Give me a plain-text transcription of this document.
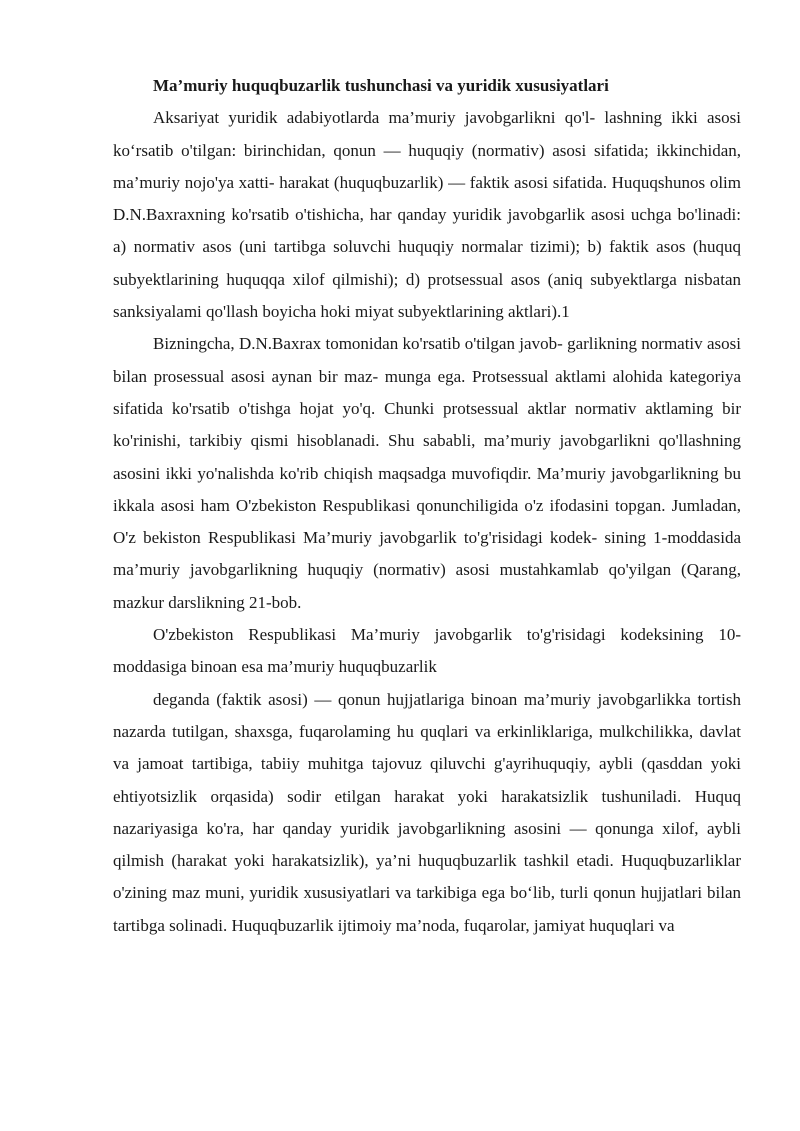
Ma’muriy huquqbuzarlik tushunchasi va yuridik xususiyatlari

Aksariyat yuridik adabiyotlarda ma’muriy javobgarlikni qo'l- lashning ikki asosi ko‘rsatib o'tilgan: birinchidan, qonun — huquqiy (normativ) asosi sifatida; ikkinchidan, ma’muriy nojo'ya xatti- harakat (huquqbuzarlik) — faktik asosi sifatida. Huquqshunos olim D.N.Baxraxning ko'rsatib o'tishicha, har qanday yuridik javobgarlik asosi uchga bo'linadi: a) normativ asos (uni tartibga soluvchi huquqiy normalar tizimi); b) faktik asos (huquq subyektlarining huquqqa xilof qilmishi); d) protsessual asos (aniq subyektlarga nisbatan sanksiyalami qo'llash boyicha hoki miyat subyektlarining aktlari).1

Bizningcha, D.N.Baxrax tomonidan ko'rsatib o'tilgan javob- garlikning normativ asosi bilan prosessual asosi aynan bir maz- munga ega. Protsessual aktlami alohida kategoriya sifatida ko'rsatib o'tishga hojat yo'q. Chunki protsessual aktlar normativ aktlaming bir ko'rinishi, tarkibiy qismi hisoblanadi. Shu sababli, ma’muriy javobgarlikni qo'llashning asosini ikki yo'nalishda ko'rib chiqish maqsadga muvofiqdir. Ma’muriy javobgarlikning bu ikkala asosi ham O'zbekiston Respublikasi qonunchiligida o'z ifodasini topgan. Jumladan, O'z bekiston Respublikasi Ma’muriy javobgarlik to'g'risidagi kodek- sining 1-moddasida ma’muriy javobgarlikning huquqiy (normativ) asosi mustahkamlab qo'yilgan (Qarang, mazkur darslikning 21-bob.

O'zbekiston Respublikasi Ma’muriy javobgarlik to'g'risidagi kodeksining 10-moddasiga binoan esa ma’muriy huquqbuzarlik

deganda (faktik asosi) — qonun hujjatlariga binoan ma’muriy javobgarlikka tortish nazarda tutilgan, shaxsga, fuqarolaming hu quqlari va erkinliklariga, mulkchilikka, davlat va jamoat tartibiga, tabiiy muhitga tajovuz qiluvchi g'ayrihuquqiy, aybli (qasddan yoki ehtiyotsizlik orqasida) sodir etilgan harakat yoki harakatsizlik tushuniladi. Huquq nazariyasiga ko'ra, har qanday yuridik javobgarlikning asosini — qonunga xilof, aybli qilmish (harakat yoki harakatsizlik), ya’ni huquqbuzarlik tashkil etadi. Huquqbuzarliklar o'zining maz muni, yuridik xususiyatlari va tarkibiga ega bo‘lib, turli qonun hujjatlari bilan tartibga solinadi. Huquqbuzarlik ijtimoiy ma’noda, fuqarolar, jamiyat huquqlari va
